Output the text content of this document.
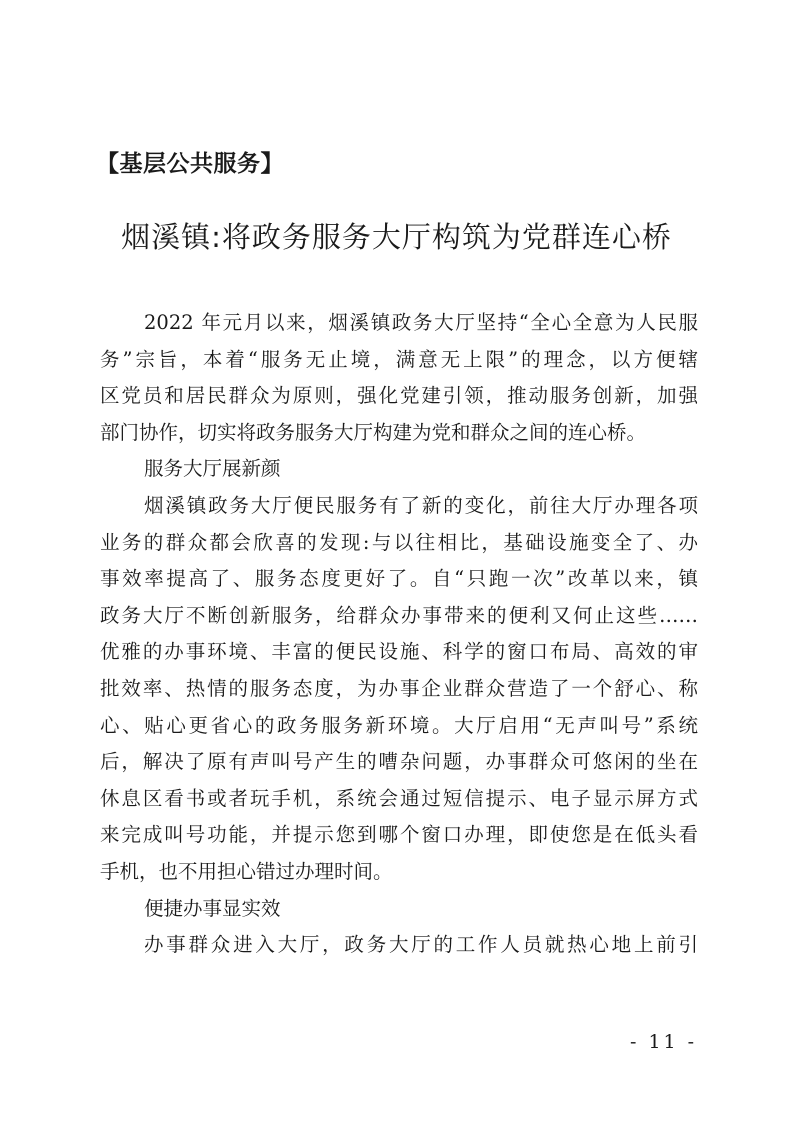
【基层公共服务】
烟溪镇:将政务服务大厅构筑为党群连心桥
2022 年元月以来，烟溪镇政务大厅坚持“全心全意为人民服
务”宗旨，本着“服务无止境，满意无上限”的理念，以方便辖
区党员和居民群众为原则，强化党建引领，推动服务创新，加强
部门协作，切实将政务服务大厅构建为党和群众之间的连心桥。
服务大厅展新颜
烟溪镇政务大厅便民服务有了新的变化，前往大厅办理各项
业务的群众都会欣喜的发现:与以往相比，基础设施变全了、办
事效率提高了、服务态度更好了。自“只跑一次”改革以来，镇
政务大厅不断创新服务，给群众办事带来的便利又何止这些……
优雅的办事环境、丰富的便民设施、科学的窗口布局、高效的审
批效率、热情的服务态度，为办事企业群众营造了一个舒心、称
心、贴心更省心的政务服务新环境。大厅启用“无声叫号”系统
后，解决了原有声叫号产生的嘈杂问题，办事群众可悠闲的坐在
休息区看书或者玩手机，系统会通过短信提示、电子显示屏方式
来完成叫号功能，并提示您到哪个窗口办理，即使您是在低头看
手机，也不用担心错过办理时间。
便捷办事显实效
办事群众进入大厅，政务大厅的工作人员就热心地上前引
- 11 -
